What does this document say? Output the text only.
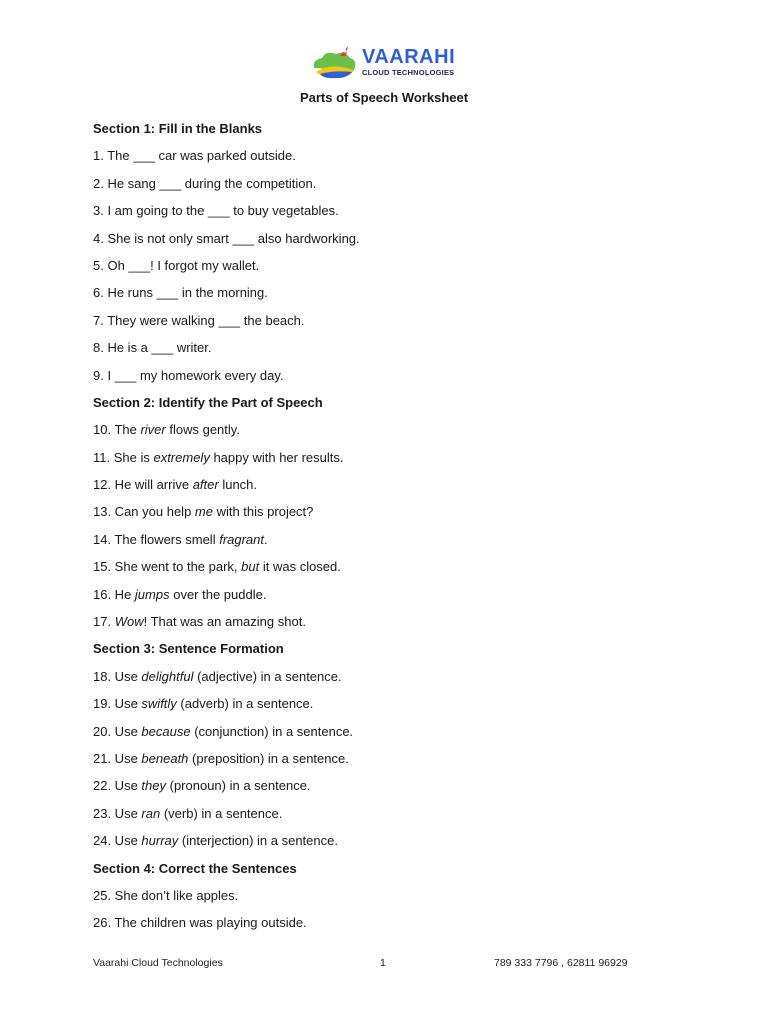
VAARAHI
CLOUD TECHNOLOGIES
Parts of Speech Worksheet
Section 1: Fill in the Blanks
1. The ___ car was parked outside.
2. He sang ___ during the competition.
3. I am going to the ___ to buy vegetables.
4. She is not only smart ___ also hardworking.
5. Oh ___! I forgot my wallet.
6. He runs ___ in the morning.
7. They were walking ___ the beach.
8. He is a ___ writer.
9. I ___ my homework every day.
Section 2: Identify the Part of Speech
10. The river flows gently.
11. She is extremely happy with her results.
12. He will arrive after lunch.
13. Can you help me with this project?
14. The flowers smell fragrant.
15. She went to the park, but it was closed.
16. He jumps over the puddle.
17. Wow! That was an amazing shot.
Section 3: Sentence Formation
18. Use delightful (adjective) in a sentence.
19. Use swiftly (adverb) in a sentence.
20. Use because (conjunction) in a sentence.
21. Use beneath (preposition) in a sentence.
22. Use they (pronoun) in a sentence.
23. Use ran (verb) in a sentence.
24. Use hurray (interjection) in a sentence.
Section 4: Correct the Sentences
25. She don’t like apples.
26. The children was playing outside.
Vaarahi Cloud Technologies	1	789 333 7796 , 62811 96929
